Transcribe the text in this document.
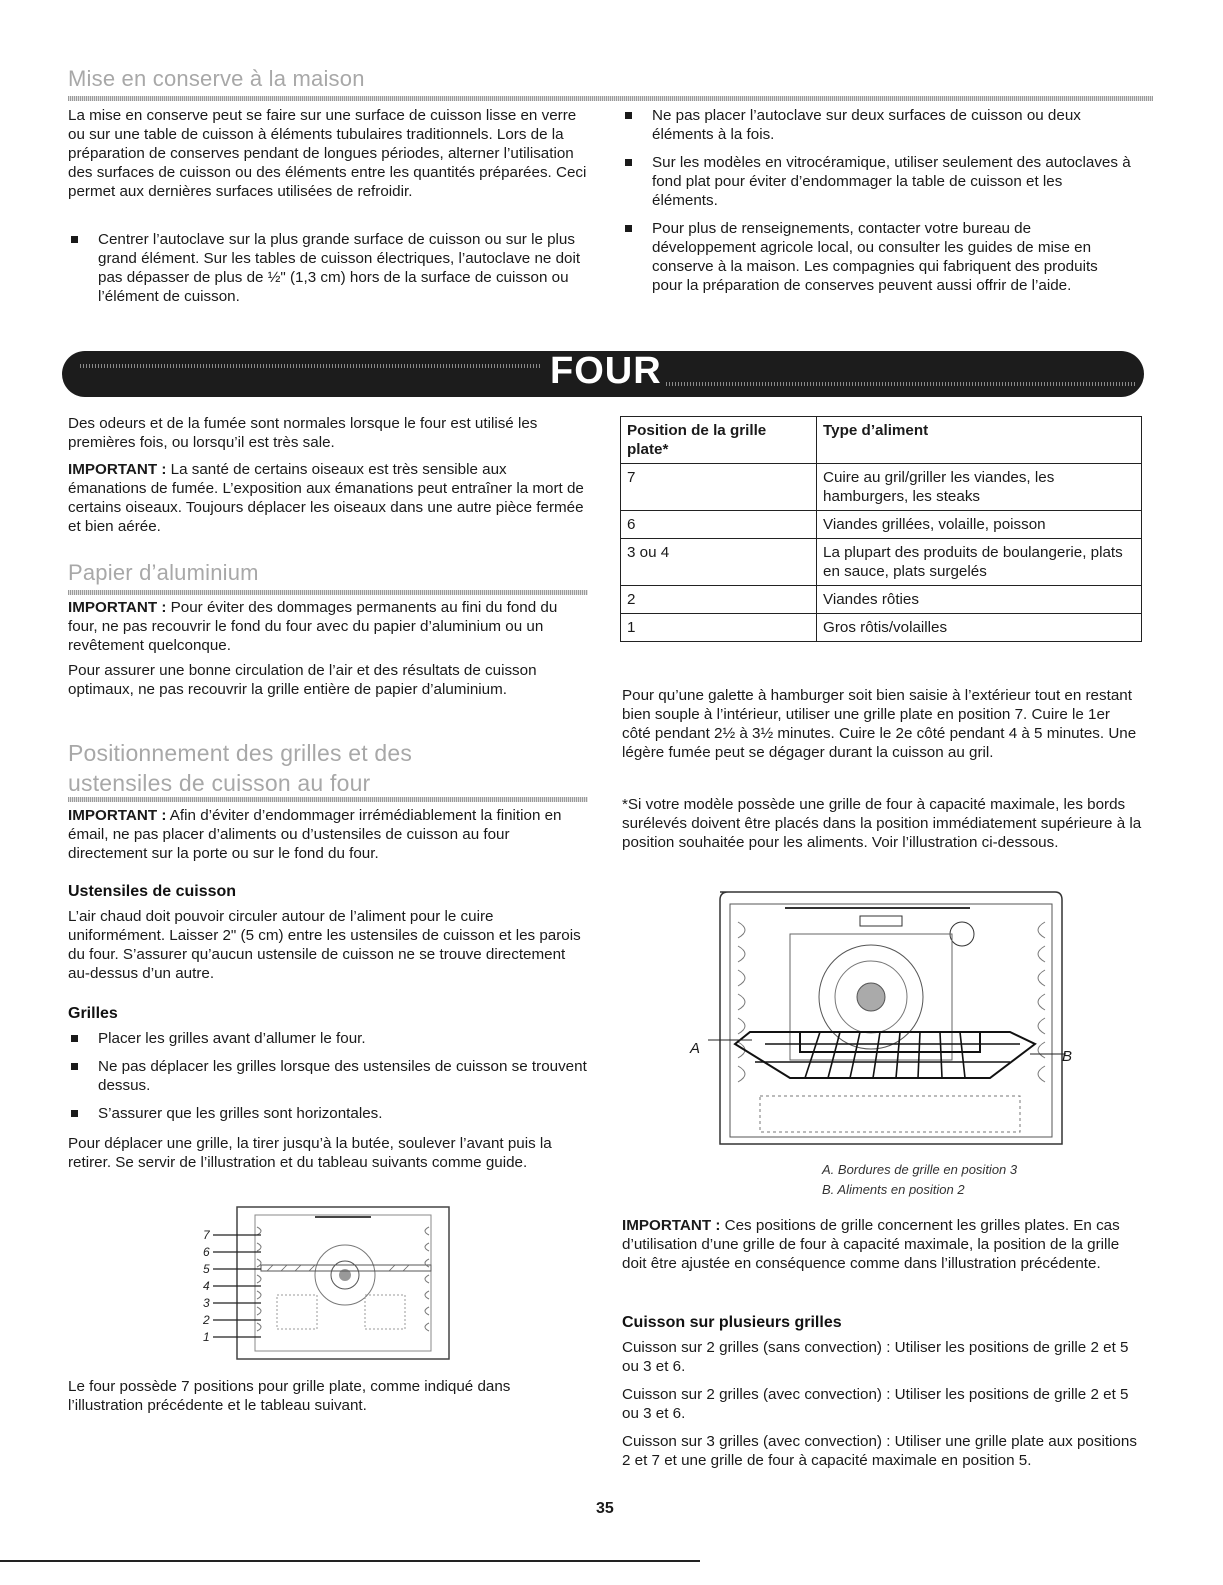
Mise en conserve à la maison

La mise en conserve peut se faire sur une surface de cuisson lisse en verre ou sur une table de cuisson à éléments tubulaires traditionnels. Lors de la préparation de conserves pendant de longues périodes, alterner l’utilisation des surfaces de cuisson ou des éléments entre les quantités préparées. Ceci permet aux dernières surfaces utilisées de refroidir.

Centrer l’autoclave sur la plus grande surface de cuisson ou sur le plus grand élément. Sur les tables de cuisson électriques, l’autoclave ne doit pas dépasser de plus de ½" (1,3 cm) hors de la surface de cuisson ou l’élément de cuisson.
Ne pas placer l’autoclave sur deux surfaces de cuisson ou deux éléments à la fois.
Sur les modèles en vitrocéramique, utiliser seulement des autoclaves à fond plat pour éviter d’endommager la table de cuisson et les éléments.
Pour plus de renseignements, contacter votre bureau de développement agricole local, ou consulter les guides de mise en conserve à la maison. Les compagnies qui fabriquent des produits pour la préparation de conserves peuvent aussi offrir de l’aide.
FOUR

Des odeurs et de la fumée sont normales lorsque le four est utilisé les premières fois, ou lorsqu’il est très sale.

IMPORTANT : La santé de certains oiseaux est très sensible aux émanations de fumée. L’exposition aux émanations peut entraîner la mort de certains oiseaux. Toujours déplacer les oiseaux dans une autre pièce fermée et bien aérée.

Papier d’aluminium

IMPORTANT : Pour éviter des dommages permanents au fini du fond du four, ne pas recouvrir le fond du four avec du papier d’aluminium ou un revêtement quelconque.

Pour assurer une bonne circulation de l’air et des résultats de cuisson optimaux, ne pas recouvrir la grille entière de papier d’aluminium.

Positionnement des grilles et des
ustensiles de cuisson au four

IMPORTANT : Afin d’éviter d’endommager irrémédiablement la finition en émail, ne pas placer d’aliments ou d’ustensiles de cuisson au four directement sur la porte ou sur le fond du four.

Ustensiles de cuisson

L’air chaud doit pouvoir circuler autour de l’aliment pour le cuire uniformément. Laisser 2" (5 cm) entre les ustensiles de cuisson et les parois du four. S’assurer qu’aucun ustensile de cuisson ne se trouve directement au-dessus d’un autre.

Grilles
Placer les grilles avant d’allumer le four.
Ne pas déplacer les grilles lorsque des ustensiles de cuisson se trouvent dessus.
S’assurer que les grilles sont horizontales.

Pour déplacer une grille, la tirer jusqu’à la butée, soulever l’avant puis la retirer. Se servir de l’illustration et du tableau suivants comme guide.

7
6
5
4
3
2
1

Le four possède 7 positions pour grille plate, comme indiqué dans l’illustration précédente et le tableau suivant.

Position de la grille plate*	Type d’aliment
7	Cuire au gril/griller les viandes, les hamburgers, les steaks
6	Viandes grillées, volaille, poisson
3 ou 4	La plupart des produits de boulangerie, plats en sauce, plats surgelés
2	Viandes rôties
1	Gros rôtis/volailles

Pour qu’une galette à hamburger soit bien saisie à l’extérieur tout en restant bien souple à l’intérieur, utiliser une grille plate en position 7. Cuire le 1er côté pendant 2½ à 3½ minutes. Cuire le 2e côté pendant 4 à 5 minutes. Une légère fumée peut se dégager durant la cuisson au gril.

*Si votre modèle possède une grille de four à capacité maximale, les bords surélevés doivent être placés dans la position immédiatement supérieure à la position souhaitée pour les aliments. Voir l’illustration ci-dessous.

A	B
A. Bordures de grille en position 3
B. Aliments en position 2

IMPORTANT : Ces positions de grille concernent les grilles plates. En cas d’utilisation d’une grille de four à capacité maximale, la position de la grille doit être ajustée en conséquence comme dans l’illustration précédente.

Cuisson sur plusieurs grilles

Cuisson sur 2 grilles (sans convection) : Utiliser les positions de grille 2 et 5 ou 3 et 6.

Cuisson sur 2 grilles (avec convection) : Utiliser les positions de grille 2 et 5 ou 3 et 6.

Cuisson sur 3 grilles (avec convection) : Utiliser une grille plate aux positions 2 et 7 et une grille de four à capacité maximale en position 5.

35
